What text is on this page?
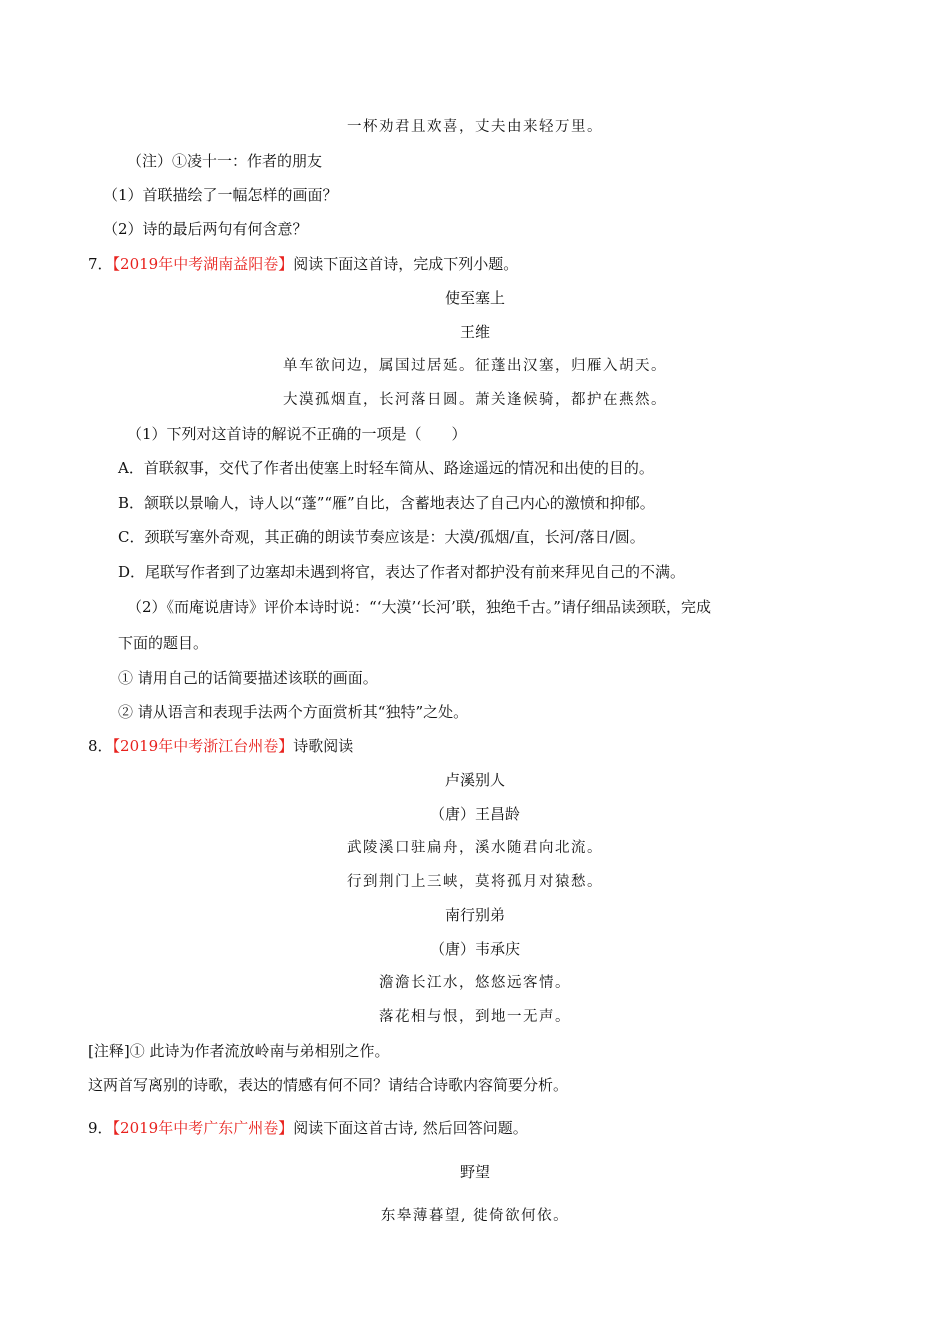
一杯劝君且欢喜，丈夫由来轻万里。
（注）①凌十一：作者的朋友
（1）首联描绘了一幅怎样的画面？
（2）诗的最后两句有何含意？
7．【2019年中考湖南益阳卷】阅读下面这首诗，完成下列小题。
使至塞上
王维
单车欲问边，属国过居延。征蓬出汉塞，归雁入胡天。
大漠孤烟直，长河落日圆。萧关逢候骑，都护在燕然。
（1）下列对这首诗的解说不正确的一项是（　　）
A．首联叙事，交代了作者出使塞上时轻车简从、路途遥远的情况和出使的目的。
B．颔联以景喻人，诗人以“蓬”“雁”自比，含蓄地表达了自己内心的激愤和抑郁。
C．颈联写塞外奇观，其正确的朗读节奏应该是：大漠/孤烟/直，长河/落日/圆。
D．尾联写作者到了边塞却未遇到将官，表达了作者对都护没有前来拜见自己的不满。
（2）《而庵说唐诗》评价本诗时说：“‘大漠’‘长河’联，独绝千古。”请仔细品读颈联，完成
下面的题目。
① 请用自己的话简要描述该联的画面。
② 请从语言和表现手法两个方面赏析其“独特”之处。
8．【2019年中考浙江台州卷】诗歌阅读
卢溪别人
（唐）王昌龄
武陵溪口驻扁舟，溪水随君向北流。
行到荆门上三峡，莫将孤月对猿愁。
南行别弟
（唐）韦承庆
澹澹长江水，悠悠远客情。
落花相与恨，到地一无声。
[注释]① 此诗为作者流放岭南与弟相别之作。
这两首写离别的诗歌，表达的情感有何不同？请结合诗歌内容简要分析。
9．【2019年中考广东广州卷】阅读下面这首古诗, 然后回答问题。
野望
东皋薄暮望, 徙倚欲何依。
